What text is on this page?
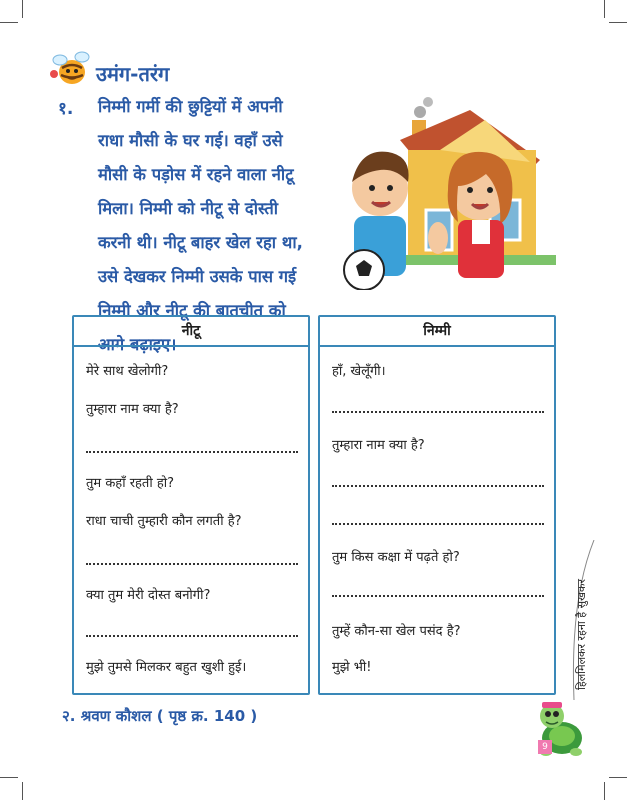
उमंग-तरंग
१. निम्मी गर्मी की छुट्टियों में अपनी
राधा मौसी के घर गई। वहाँ उसे
मौसी के पड़ोस में रहने वाला नीटू
मिला। निम्मी को नीटू से दोस्ती
करनी थी। नीटू बाहर खेल रहा था,
उसे देखकर निम्मी उसके पास गई
निम्मी और नीटू की बातचीत को
आगे बढ़ाइए।
नीटू
मेरे साथ खेलोगी?
तुम्हारा नाम क्या है?
तुम कहाँ रहती हो?
राधा चाची तुम्हारी कौन लगती है?
क्या तुम मेरी दोस्त बनोगी?
मुझे तुमसे मिलकर बहुत खुशी हुई।
निम्मी
हाँ, खेलूँगी।
तुम्हारा नाम क्या है?
तुम किस कक्षा में पढ़ते हो?
तुम्हें कौन-सा खेल पसंद है?
मुझे भी!
२. श्रवण कौशल ( पृष्ठ क्र. 140 )
हिलमिलकर रहना है सुखकर
9
